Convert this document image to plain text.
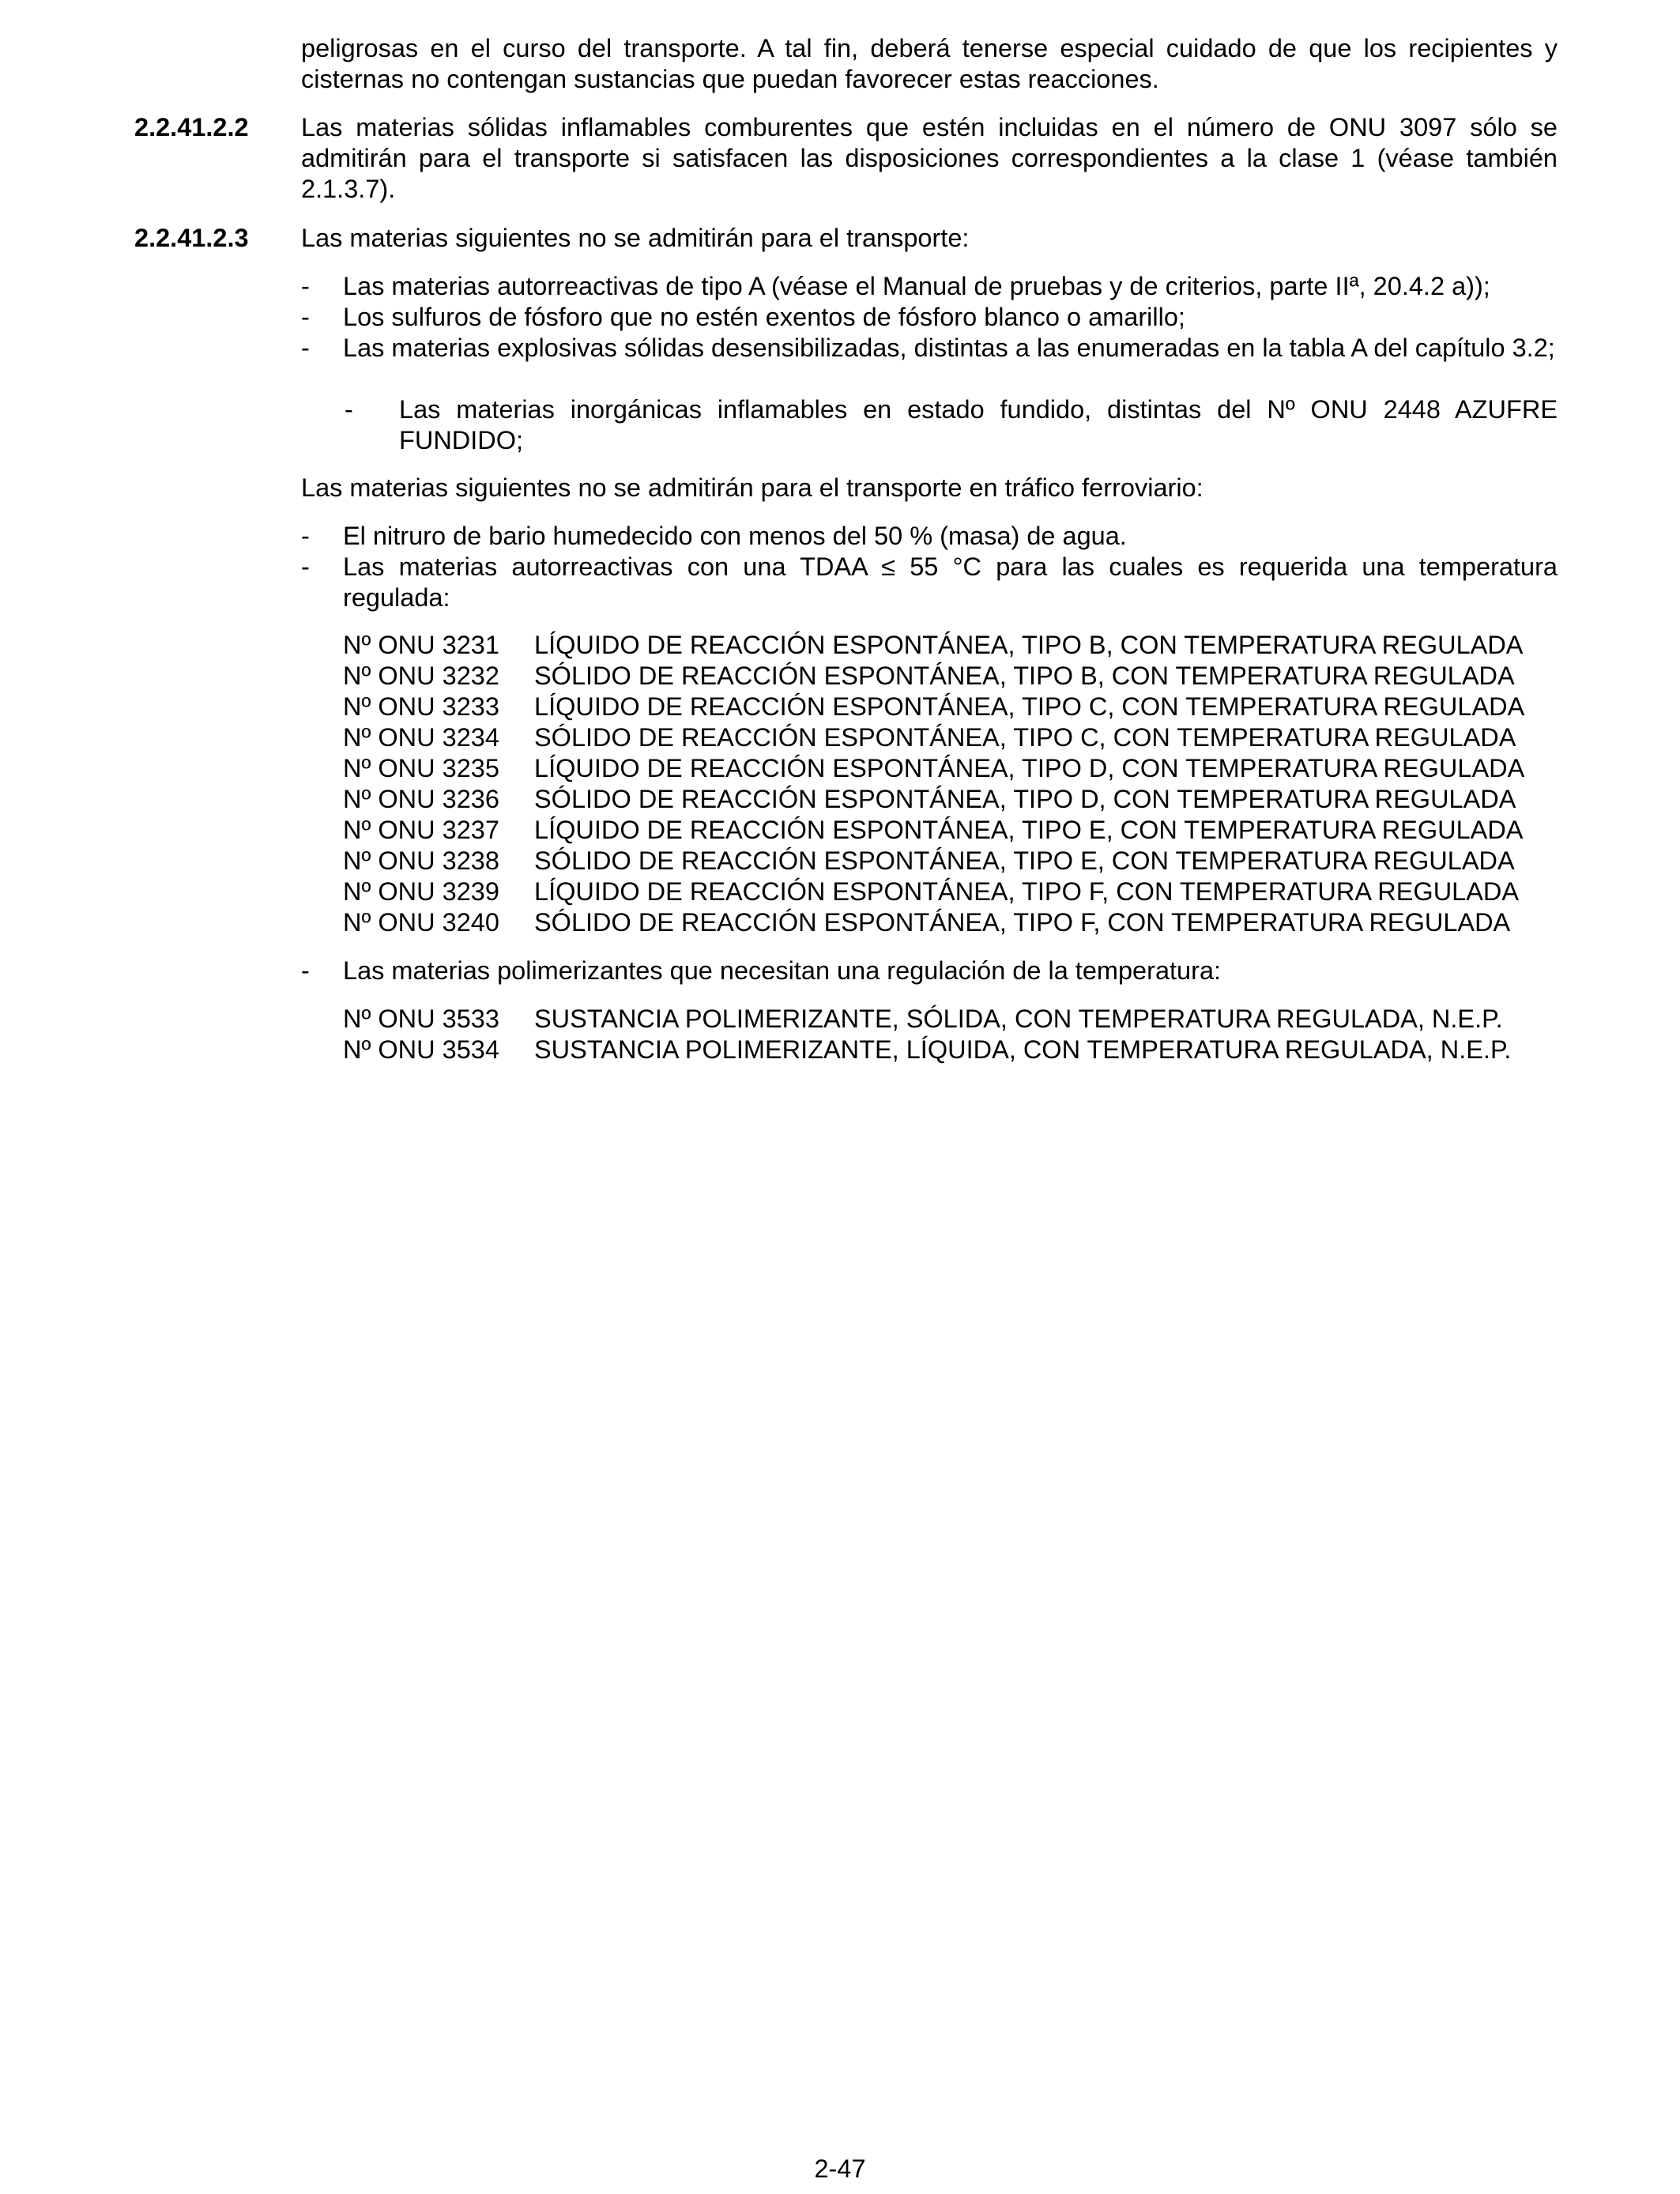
peligrosas en el curso del transporte. A tal fin, deberá tenerse especial cuidado de que los recipientes y cisternas no contengan sustancias que puedan favorecer estas reacciones.

2.2.41.2.2 Las materias sólidas inflamables comburentes que estén incluidas en el número de ONU 3097 sólo se admitirán para el transporte si satisfacen las disposiciones correspondientes a la clase 1 (véase también 2.1.3.7).

2.2.41.2.3 Las materias siguientes no se admitirán para el transporte:

- Las materias autorreactivas de tipo A (véase el Manual de pruebas y de criterios, parte IIª, 20.4.2 a));
- Los sulfuros de fósforo que no estén exentos de fósforo blanco o amarillo;
- Las materias explosivas sólidas desensibilizadas, distintas a las enumeradas en la tabla A del capítulo 3.2;
- Las materias inorgánicas inflamables en estado fundido, distintas del Nº ONU 2448 AZUFRE FUNDIDO;

Las materias siguientes no se admitirán para el transporte en tráfico ferroviario:

- El nitruro de bario humedecido con menos del 50 % (masa) de agua.
- Las materias autorreactivas con una TDAA ≤ 55 °C para las cuales es requerida una temperatura regulada:
Nº ONU 3231 LÍQUIDO DE REACCIÓN ESPONTÁNEA, TIPO B, CON TEMPERATURA REGULADA
Nº ONU 3232 SÓLIDO DE REACCIÓN ESPONTÁNEA, TIPO B, CON TEMPERATURA REGULADA
Nº ONU 3233 LÍQUIDO DE REACCIÓN ESPONTÁNEA, TIPO C, CON TEMPERATURA REGULADA
Nº ONU 3234 SÓLIDO DE REACCIÓN ESPONTÁNEA, TIPO C, CON TEMPERATURA REGULADA
Nº ONU 3235 LÍQUIDO DE REACCIÓN ESPONTÁNEA, TIPO D, CON TEMPERATURA REGULADA
Nº ONU 3236 SÓLIDO DE REACCIÓN ESPONTÁNEA, TIPO D, CON TEMPERATURA REGULADA
Nº ONU 3237 LÍQUIDO DE REACCIÓN ESPONTÁNEA, TIPO E, CON TEMPERATURA REGULADA
Nº ONU 3238 SÓLIDO DE REACCIÓN ESPONTÁNEA, TIPO E, CON TEMPERATURA REGULADA
Nº ONU 3239 LÍQUIDO DE REACCIÓN ESPONTÁNEA, TIPO F, CON TEMPERATURA REGULADA
Nº ONU 3240 SÓLIDO DE REACCIÓN ESPONTÁNEA, TIPO F, CON TEMPERATURA REGULADA
- Las materias polimerizantes que necesitan una regulación de la temperatura:
Nº ONU 3533 SUSTANCIA POLIMERIZANTE, SÓLIDA, CON TEMPERATURA REGULADA, N.E.P.
Nº ONU 3534 SUSTANCIA POLIMERIZANTE, LÍQUIDA, CON TEMPERATURA REGULADA, N.E.P.
2-47
